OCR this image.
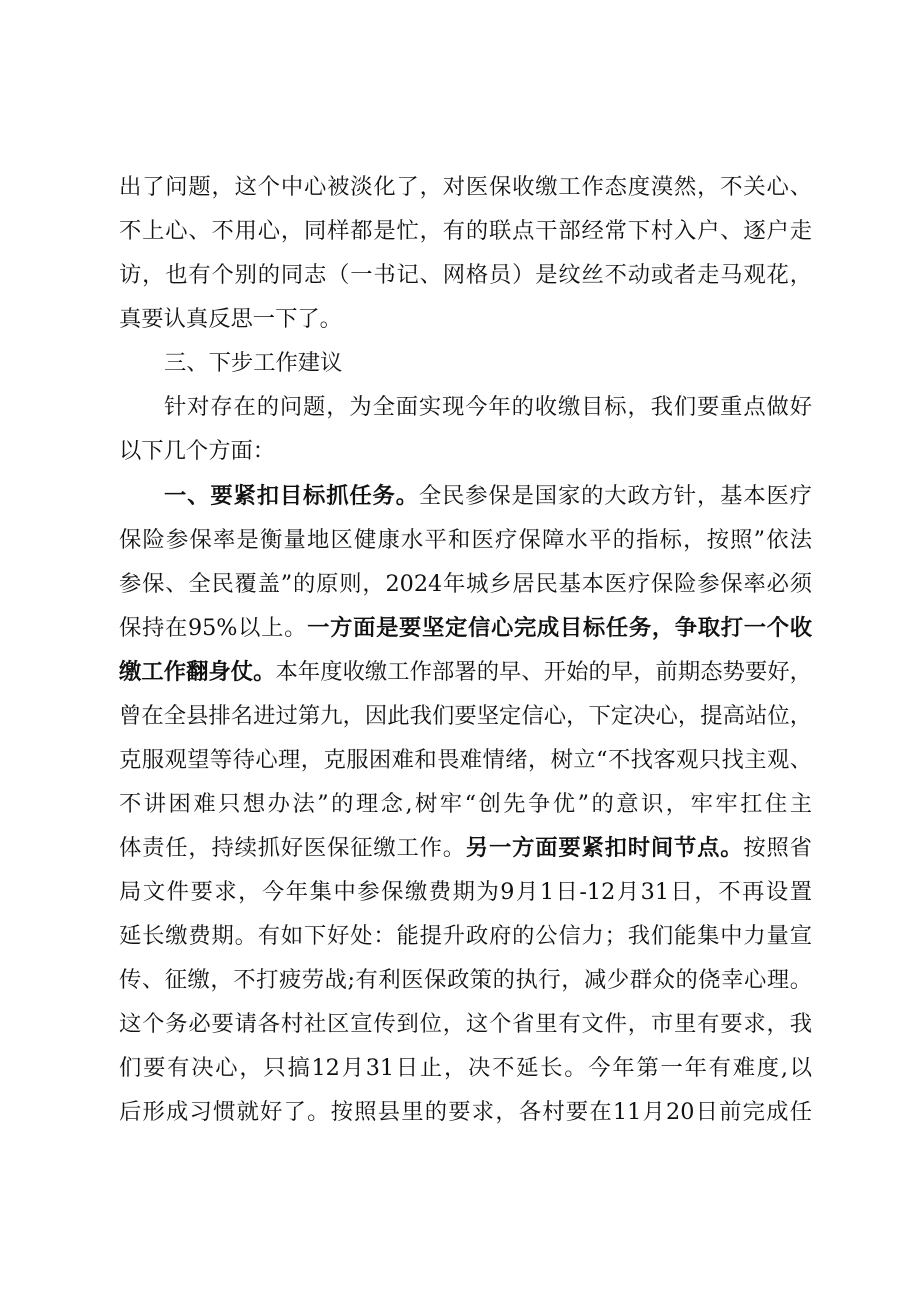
出了问题，这个中心被淡化了，对医保收缴工作态度漠然，不关心、
不上心、不用心，同样都是忙，有的联点干部经常下村入户、逐户走
访，也有个别的同志（一书记、网格员）是纹丝不动或者走马观花，
真要认真反思一下了。
三、下步工作建议
针对存在的问题，为全面实现今年的收缴目标，我们要重点做好
以下几个方面：
一、要紧扣目标抓任务。全民参保是国家的大政方针，基本医疗
保险参保率是衡量地区健康水平和医疗保障水平的指标，按照”依法
参保、全民覆盖”的原则，2024年城乡居民基本医疗保险参保率必须
保持在95%以上。一方面是要坚定信心完成目标任务，争取打一个收
缴工作翻身仗。本年度收缴工作部署的早、开始的早，前期态势要好，
曾在全县排名进过第九，因此我们要坚定信心，下定决心，提高站位，
克服观望等待心理，克服困难和畏难情绪，树立“不找客观只找主观、
不讲困难只想办法”的理念,树牢“创先争优”的意识，牢牢扛住主
体责任，持续抓好医保征缴工作。另一方面要紧扣时间节点。按照省
局文件要求，今年集中参保缴费期为9月1日-12月31日，不再设置
延长缴费期。有如下好处：能提升政府的公信力；我们能集中力量宣
传、征缴，不打疲劳战;有利医保政策的执行，减少群众的侥幸心理。
这个务必要请各村社区宣传到位，这个省里有文件，市里有要求，我
们要有决心，只搞12月31日止，决不延长。今年第一年有难度,以
后形成习惯就好了。按照县里的要求，各村要在11月20日前完成任
